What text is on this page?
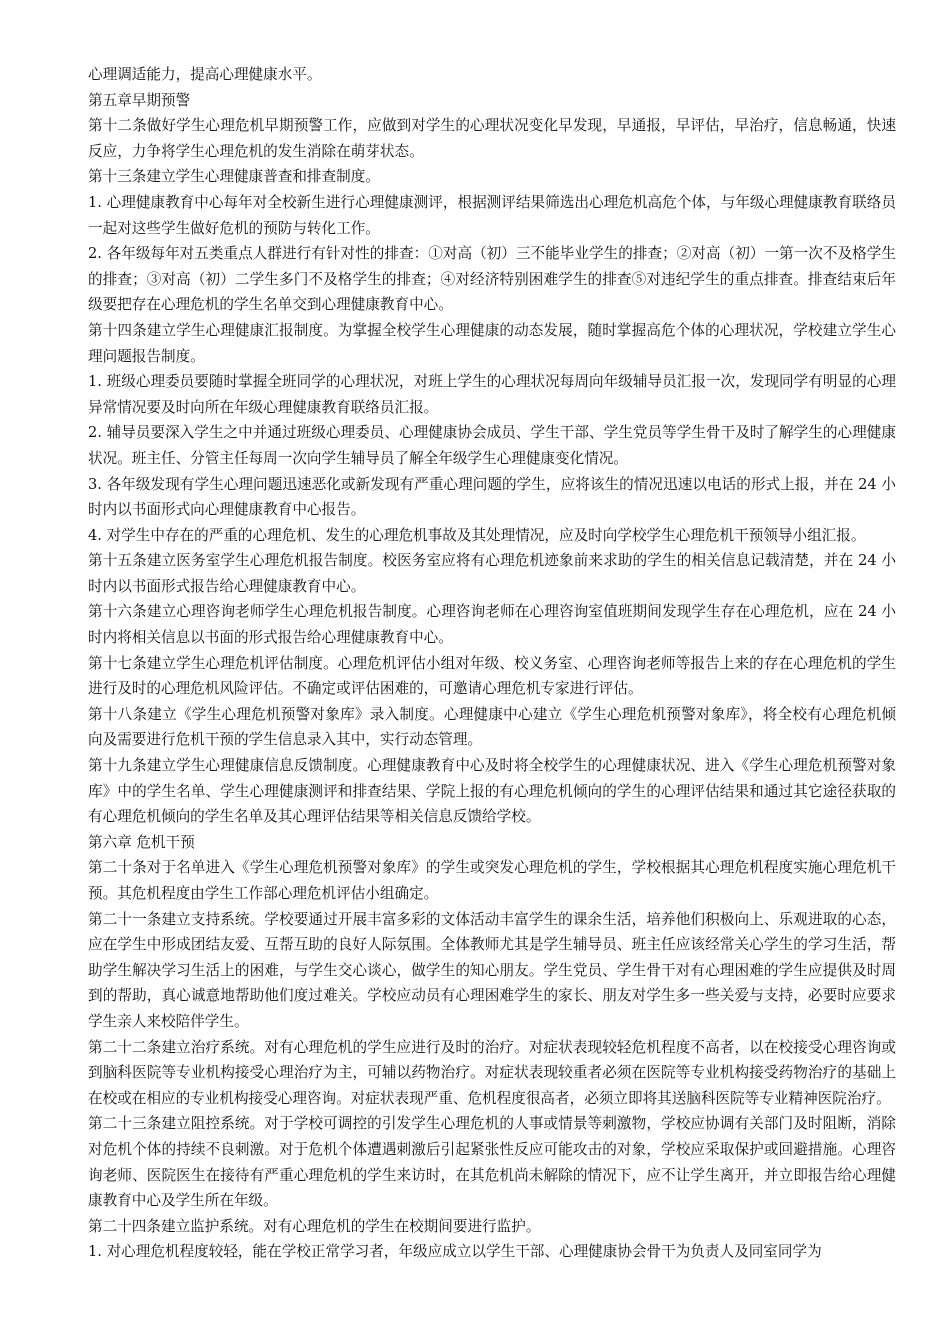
心理调适能力，提高心理健康水平。

第五章早期预警

第十二条做好学生心理危机早期预警工作，应做到对学生的心理状况变化早发现，早通报，早评估，早治疗，信息畅通，快速反应，力争将学生心理危机的发生消除在萌芽状态。

第十三条建立学生心理健康普查和排查制度。

1. 心理健康教育中心每年对全校新生进行心理健康测评，根据测评结果筛选出心理危机高危个体，与年级心理健康教育联络员一起对这些学生做好危机的预防与转化工作。

2. 各年级每年对五类重点人群进行有针对性的排查：①对高（初）三不能毕业学生的排查；②对高（初）一第一次不及格学生的排查；③对高（初）二学生多门不及格学生的排查；④对经济特别困难学生的排查⑤对违纪学生的重点排查。排查结束后年级要把存在心理危机的学生名单交到心理健康教育中心。

第十四条建立学生心理健康汇报制度。为掌握全校学生心理健康的动态发展，随时掌握高危个体的心理状况，学校建立学生心理问题报告制度。

1. 班级心理委员要随时掌握全班同学的心理状况，对班上学生的心理状况每周向年级辅导员汇报一次，发现同学有明显的心理异常情况要及时向所在年级心理健康教育联络员汇报。

2. 辅导员要深入学生之中并通过班级心理委员、心理健康协会成员、学生干部、学生党员等学生骨干及时了解学生的心理健康状况。班主任、分管主任每周一次向学生辅导员了解全年级学生心理健康变化情况。

3. 各年级发现有学生心理问题迅速恶化或新发现有严重心理问题的学生，应将该生的情况迅速以电话的形式上报，并在 24 小时内以书面形式向心理健康教育中心报告。

4. 对学生中存在的严重的心理危机、发生的心理危机事故及其处理情况，应及时向学校学生心理危机干预领导小组汇报。

第十五条建立医务室学生心理危机报告制度。校医务室应将有心理危机迹象前来求助的学生的相关信息记载清楚，并在 24 小时内以书面形式报告给心理健康教育中心。

第十六条建立心理咨询老师学生心理危机报告制度。心理咨询老师在心理咨询室值班期间发现学生存在心理危机，应在 24 小时内将相关信息以书面的形式报告给心理健康教育中心。

第十七条建立学生心理危机评估制度。心理危机评估小组对年级、校义务室、心理咨询老师等报告上来的存在心理危机的学生进行及时的心理危机风险评估。不确定或评估困难的，可邀请心理危机专家进行评估。

第十八条建立《学生心理危机预警对象库》录入制度。心理健康中心建立《学生心理危机预警对象库》，将全校有心理危机倾向及需要进行危机干预的学生信息录入其中，实行动态管理。

第十九条建立学生心理健康信息反馈制度。心理健康教育中心及时将全校学生的心理健康状况、进入《学生心理危机预警对象库》中的学生名单、学生心理健康测评和排查结果、学院上报的有心理危机倾向的学生的心理评估结果和通过其它途径获取的有心理危机倾向的学生名单及其心理评估结果等相关信息反馈给学校。

第六章 危机干预

第二十条对于名单进入《学生心理危机预警对象库》的学生或突发心理危机的学生，学校根据其心理危机程度实施心理危机干预。其危机程度由学生工作部心理危机评估小组确定。

第二十一条建立支持系统。学校要通过开展丰富多彩的文体活动丰富学生的课余生活，培养他们积极向上、乐观进取的心态，应在学生中形成团结友爱、互帮互助的良好人际氛围。全体教师尤其是学生辅导员、班主任应该经常关心学生的学习生活，帮助学生解决学习生活上的困难，与学生交心谈心，做学生的知心朋友。学生党员、学生骨干对有心理困难的学生应提供及时周到的帮助，真心诚意地帮助他们度过难关。学校应动员有心理困难学生的家长、朋友对学生多一些关爱与支持，必要时应要求学生亲人来校陪伴学生。

第二十二条建立治疗系统。对有心理危机的学生应进行及时的治疗。对症状表现较轻危机程度不高者，以在校接受心理咨询或到脑科医院等专业机构接受心理治疗为主，可辅以药物治疗。对症状表现较重者必须在医院等专业机构接受药物治疗的基础上在校或在相应的专业机构接受心理咨询。对症状表现严重、危机程度很高者，必须立即将其送脑科医院等专业精神医院治疗。

第二十三条建立阻控系统。对于学校可调控的引发学生心理危机的人事或情景等刺激物，学校应协调有关部门及时阻断，消除对危机个体的持续不良刺激。对于危机个体遭遇刺激后引起紧张性反应可能攻击的对象，学校应采取保护或回避措施。心理咨询老师、医院医生在接待有严重心理危机的学生来访时，在其危机尚未解除的情况下，应不让学生离开，并立即报告给心理健康教育中心及学生所在年级。

第二十四条建立监护系统。对有心理危机的学生在校期间要进行监护。

1. 对心理危机程度较轻，能在学校正常学习者，年级应成立以学生干部、心理健康协会骨干为负责人及同室同学为
